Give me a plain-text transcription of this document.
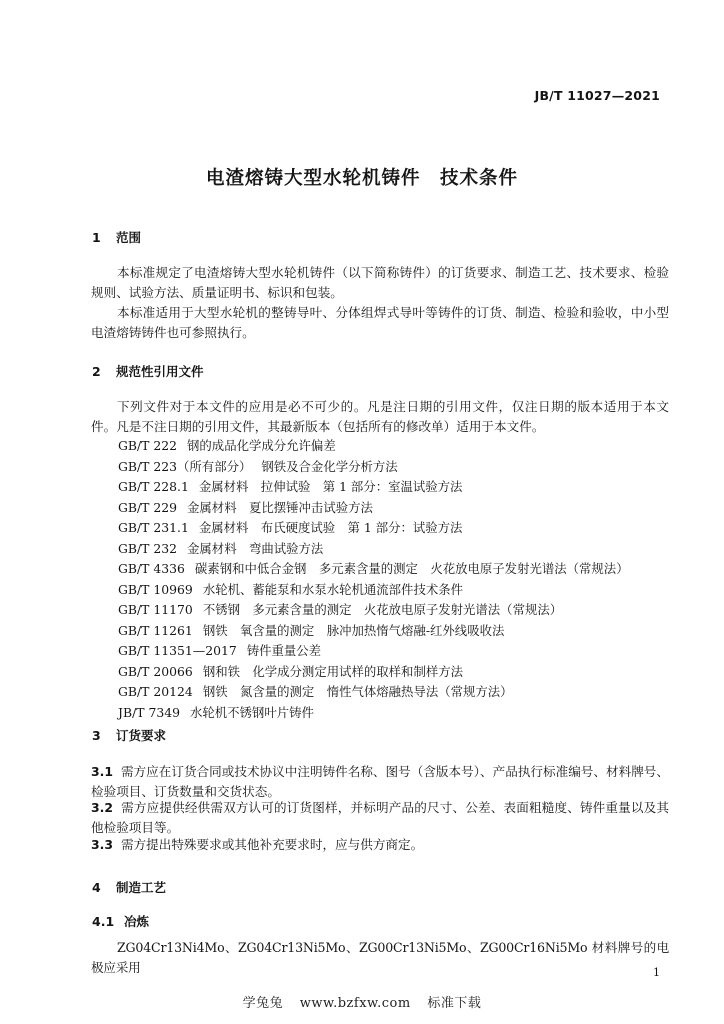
JB/T 11027—2021
电渣熔铸大型水轮机铸件　技术条件
1 范围
本标准规定了电渣熔铸大型水轮机铸件（以下简称铸件）的订货要求、制造工艺、技术要求、检验规则、试验方法、质量证明书、标识和包装。
本标准适用于大型水轮机的整铸导叶、分体组焊式导叶等铸件的订货、制造、检验和验收，中小型电渣熔铸铸件也可参照执行。
2 规范性引用文件
下列文件对于本文件的应用是必不可少的。凡是注日期的引用文件，仅注日期的版本适用于本文件。凡是不注日期的引用文件，其最新版本（包括所有的修改单）适用于本文件。
GB/T 222 钢的成品化学成分允许偏差
GB/T 223（所有部分） 钢铁及合金化学分析方法
GB/T 228.1 金属材料　拉伸试验　第 1 部分：室温试验方法
GB/T 229 金属材料　夏比摆锤冲击试验方法
GB/T 231.1 金属材料　布氏硬度试验　第 1 部分：试验方法
GB/T 232 金属材料　弯曲试验方法
GB/T 4336 碳素钢和中低合金钢　多元素含量的测定　火花放电原子发射光谱法（常规法）
GB/T 10969 水轮机、蓄能泵和水泵水轮机通流部件技术条件
GB/T 11170 不锈钢　多元素含量的测定　火花放电原子发射光谱法（常规法）
GB/T 11261 钢铁　氧含量的测定　脉冲加热惰气熔融-红外线吸收法
GB/T 11351—2017 铸件重量公差
GB/T 20066 钢和铁　化学成分测定用试样的取样和制样方法
GB/T 20124 钢铁　氮含量的测定　惰性气体熔融热导法（常规方法）
JB/T 7349 水轮机不锈钢叶片铸件
3 订货要求
3.1 需方应在订货合同或技术协议中注明铸件名称、图号（含版本号）、产品执行标准编号、材料牌号、检验项目、订货数量和交货状态。
3.2 需方应提供经供需双方认可的订货图样，并标明产品的尺寸、公差、表面粗糙度、铸件重量以及其他检验项目等。
3.3 需方提出特殊要求或其他补充要求时，应与供方商定。
4 制造工艺
4.1 冶炼
ZG04Cr13Ni4Mo、ZG04Cr13Ni5Mo、ZG00Cr13Ni5Mo、ZG00Cr16Ni5Mo 材料牌号的电极应采用	1
学兔兔 www.bzfxw.com 标准下载
